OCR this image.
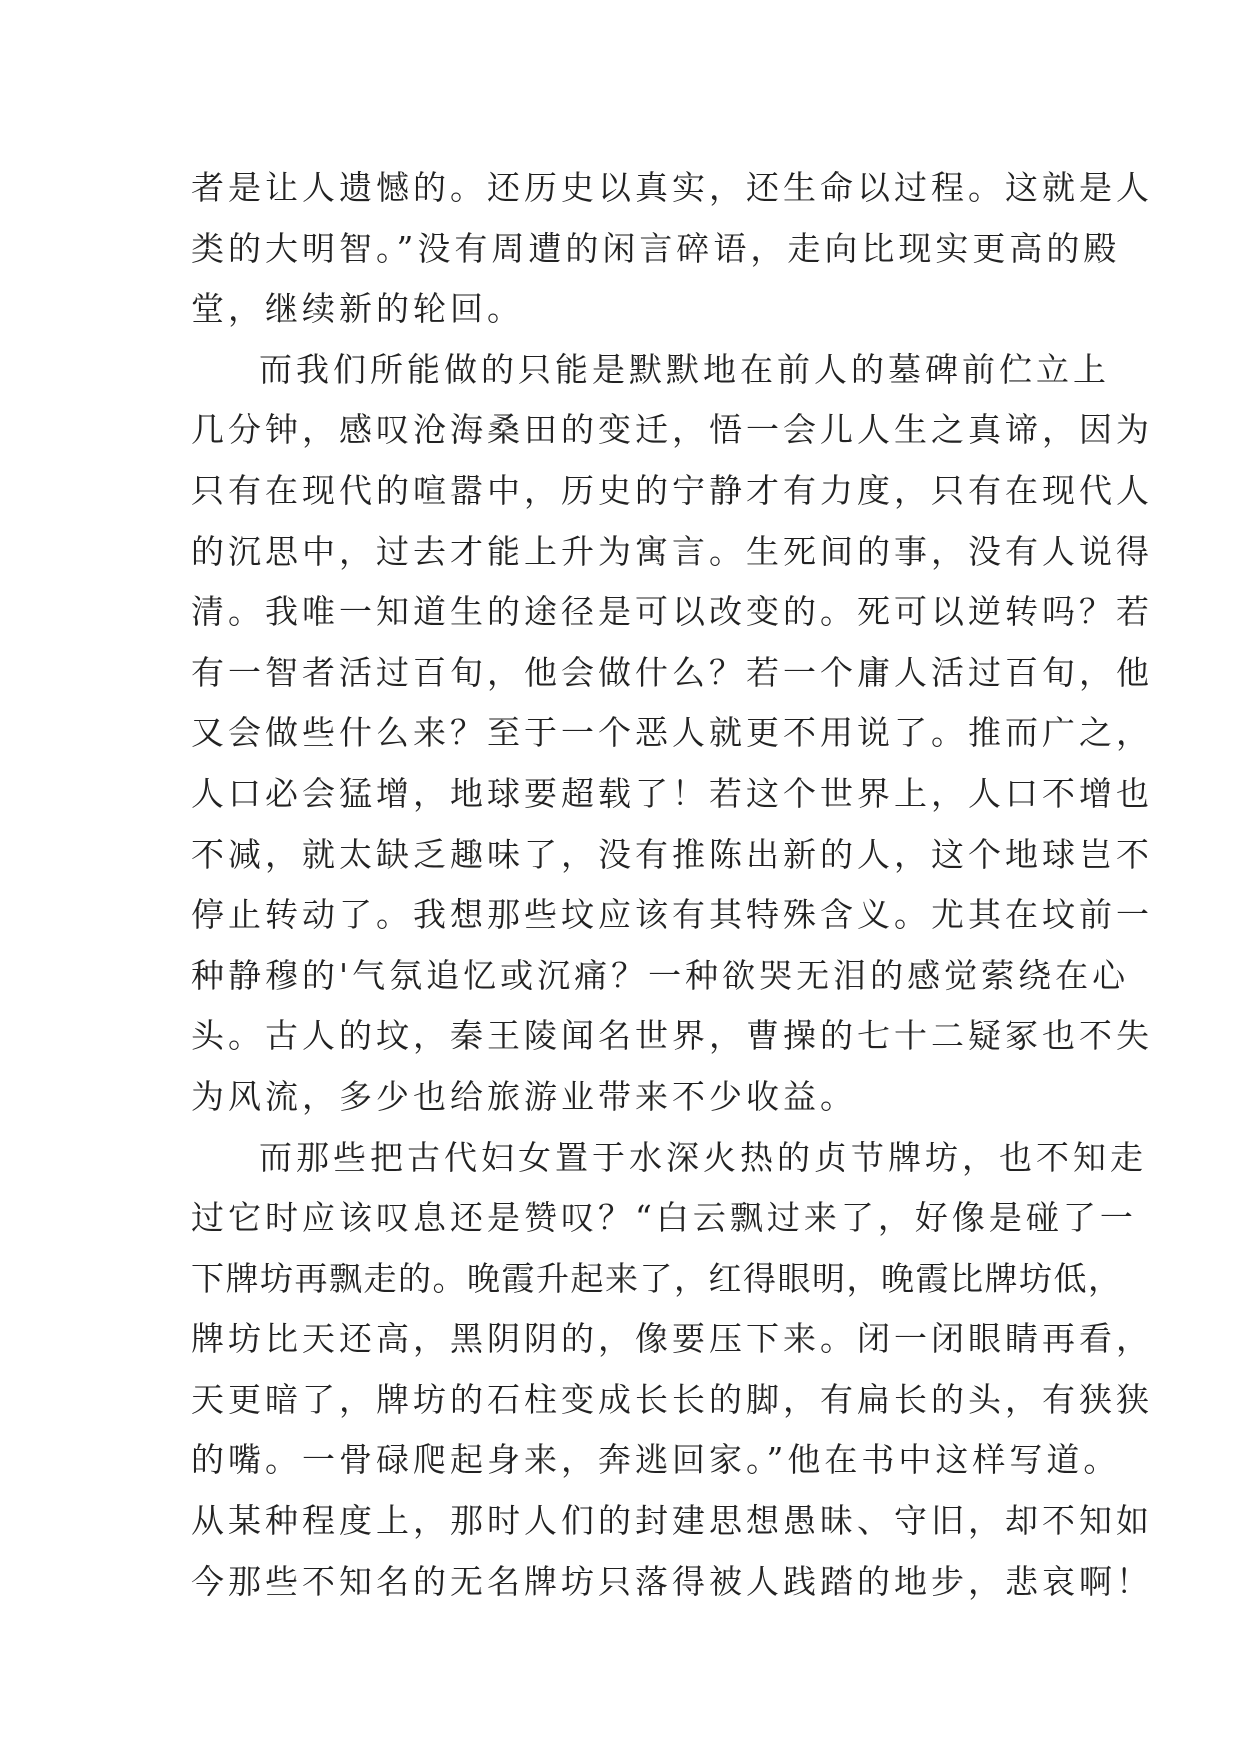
者是让人遗憾的。还历史以真实，还生命以过程。这就是人
类的大明智。”没有周遭的闲言碎语，走向比现实更高的殿
堂，继续新的轮回。
而我们所能做的只能是默默地在前人的墓碑前伫立上
几分钟，感叹沧海桑田的变迁，悟一会儿人生之真谛，因为
只有在现代的喧嚣中，历史的宁静才有力度，只有在现代人
的沉思中，过去才能上升为寓言。生死间的事，没有人说得
清。我唯一知道生的途径是可以改变的。死可以逆转吗？若
有一智者活过百旬，他会做什么？若一个庸人活过百旬，他
又会做些什么来？至于一个恶人就更不用说了。推而广之，
人口必会猛增，地球要超载了！若这个世界上，人口不增也
不减，就太缺乏趣味了，没有推陈出新的人，这个地球岂不
停止转动了。我想那些坟应该有其特殊含义。尤其在坟前一
种静穆的'气氛追忆或沉痛？一种欲哭无泪的感觉萦绕在心
头。古人的坟，秦王陵闻名世界，曹操的七十二疑冢也不失
为风流，多少也给旅游业带来不少收益。
而那些把古代妇女置于水深火热的贞节牌坊，也不知走
过它时应该叹息还是赞叹？“白云飘过来了，好像是碰了一
下牌坊再飘走的。晚霞升起来了，红得眼明，晚霞比牌坊低，
牌坊比天还高，黑阴阴的，像要压下来。闭一闭眼睛再看，
天更暗了，牌坊的石柱变成长长的脚，有扁长的头，有狭狭
的嘴。一骨碌爬起身来，奔逃回家。”他在书中这样写道。
从某种程度上，那时人们的封建思想愚昧、守旧，却不知如
今那些不知名的无名牌坊只落得被人践踏的地步，悲哀啊！
